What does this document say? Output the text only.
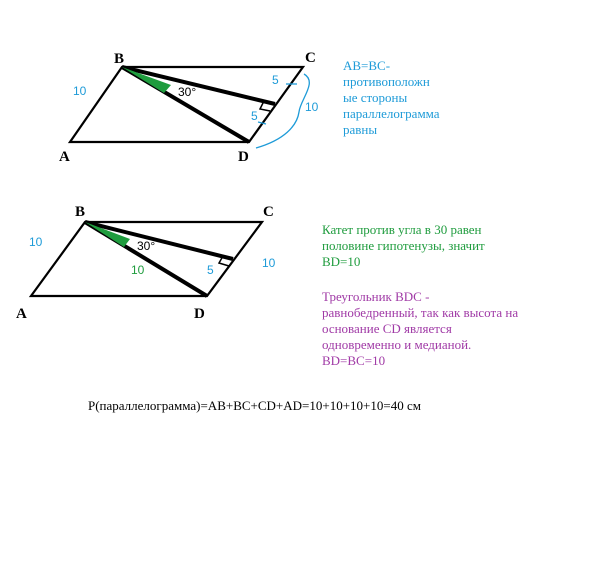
B	C
A	D
10
10
5
5
30°
B	C
A	D
10
10
10	5
30°

AB=BC-

противоположн

ые стороны

параллелограмма

равны

Катет против угла в 30 равен

половине гипотенузы, значит

BD=10

Треугольник BDC -

равнобедренный, так как высота на

основание CD является

одновременно и медианой.

BD=BC=10

P(параллелограмма)=AB+BC+CD+AD=10+10+10+10=40 см
